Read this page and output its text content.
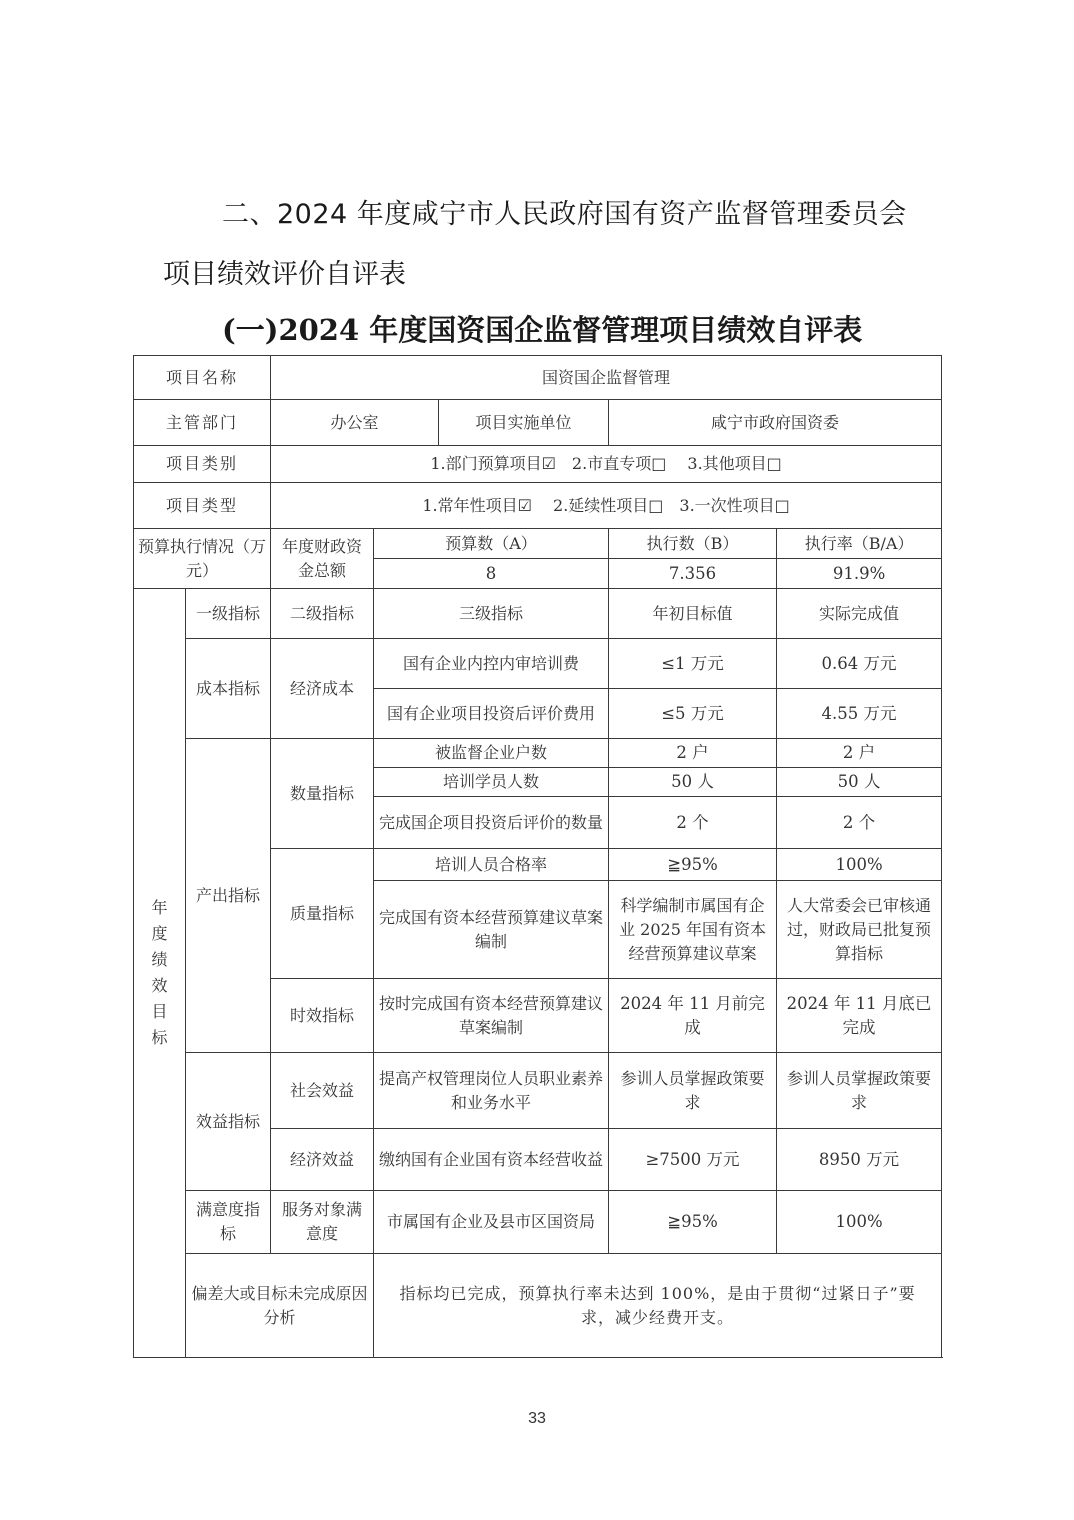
二、2024 年度咸宁市人民政府国有资产监督管理委员会
项目绩效评价自评表
(一)2024 年度国资国企监督管理项目绩效自评表
项目名称		国资国企监督管理				
主管部门		办公室		项目实施单位	咸宁市政府国资委	
项目类别		1.部门预算项目☑　2.市直专项□　 3.其他项目□				
项目类型		1.常年性项目☑　 2.延续性项目□　3.一次性项目□				
预算执行情况（万元）		年度财政资金总额	预算数（A）		执行数（B）	执行率（B/A）
			8		7.356	91.9%

年度绩效目标	一级指标	二级指标	三级指标		年初目标值	实际完成值
	成本指标	经济成本	国有企业内控内审培训费		≤1 万元	0.64 万元
			国有企业项目投资后评价费用		≤5 万元	4.55 万元
	产出指标	数量指标	被监督企业户数		2 户	2 户
			培训学员人数		50 人	50 人
			完成国企项目投资后评价的数量		2 个	2 个
		质量指标	培训人员合格率		≧95%	100%
			完成国有资本经营预算建议草案编制		科学编制市属国有企业 2025 年国有资本经营预算建议草案	人大常委会已审核通过，财政局已批复预算指标
		时效指标	按时完成国有资本经营预算建议草案编制		2024 年 11 月前完成	2024 年 11 月底已完成
	效益指标	社会效益	提高产权管理岗位人员职业素养和业务水平		参训人员掌握政策要求	参训人员掌握政策要求
		经济效益	缴纳国有企业国有资本经营收益		≥7500 万元	8950 万元
	满意度指　标	服务对象满意度	市属国有企业及县市区国资局		≧95%	100%
	偏差大或目标未完成原因分析		指标均已完成，预算执行率未达到 100%，是由于贯彻“过紧日子”要求，减少经费开支。			
33
